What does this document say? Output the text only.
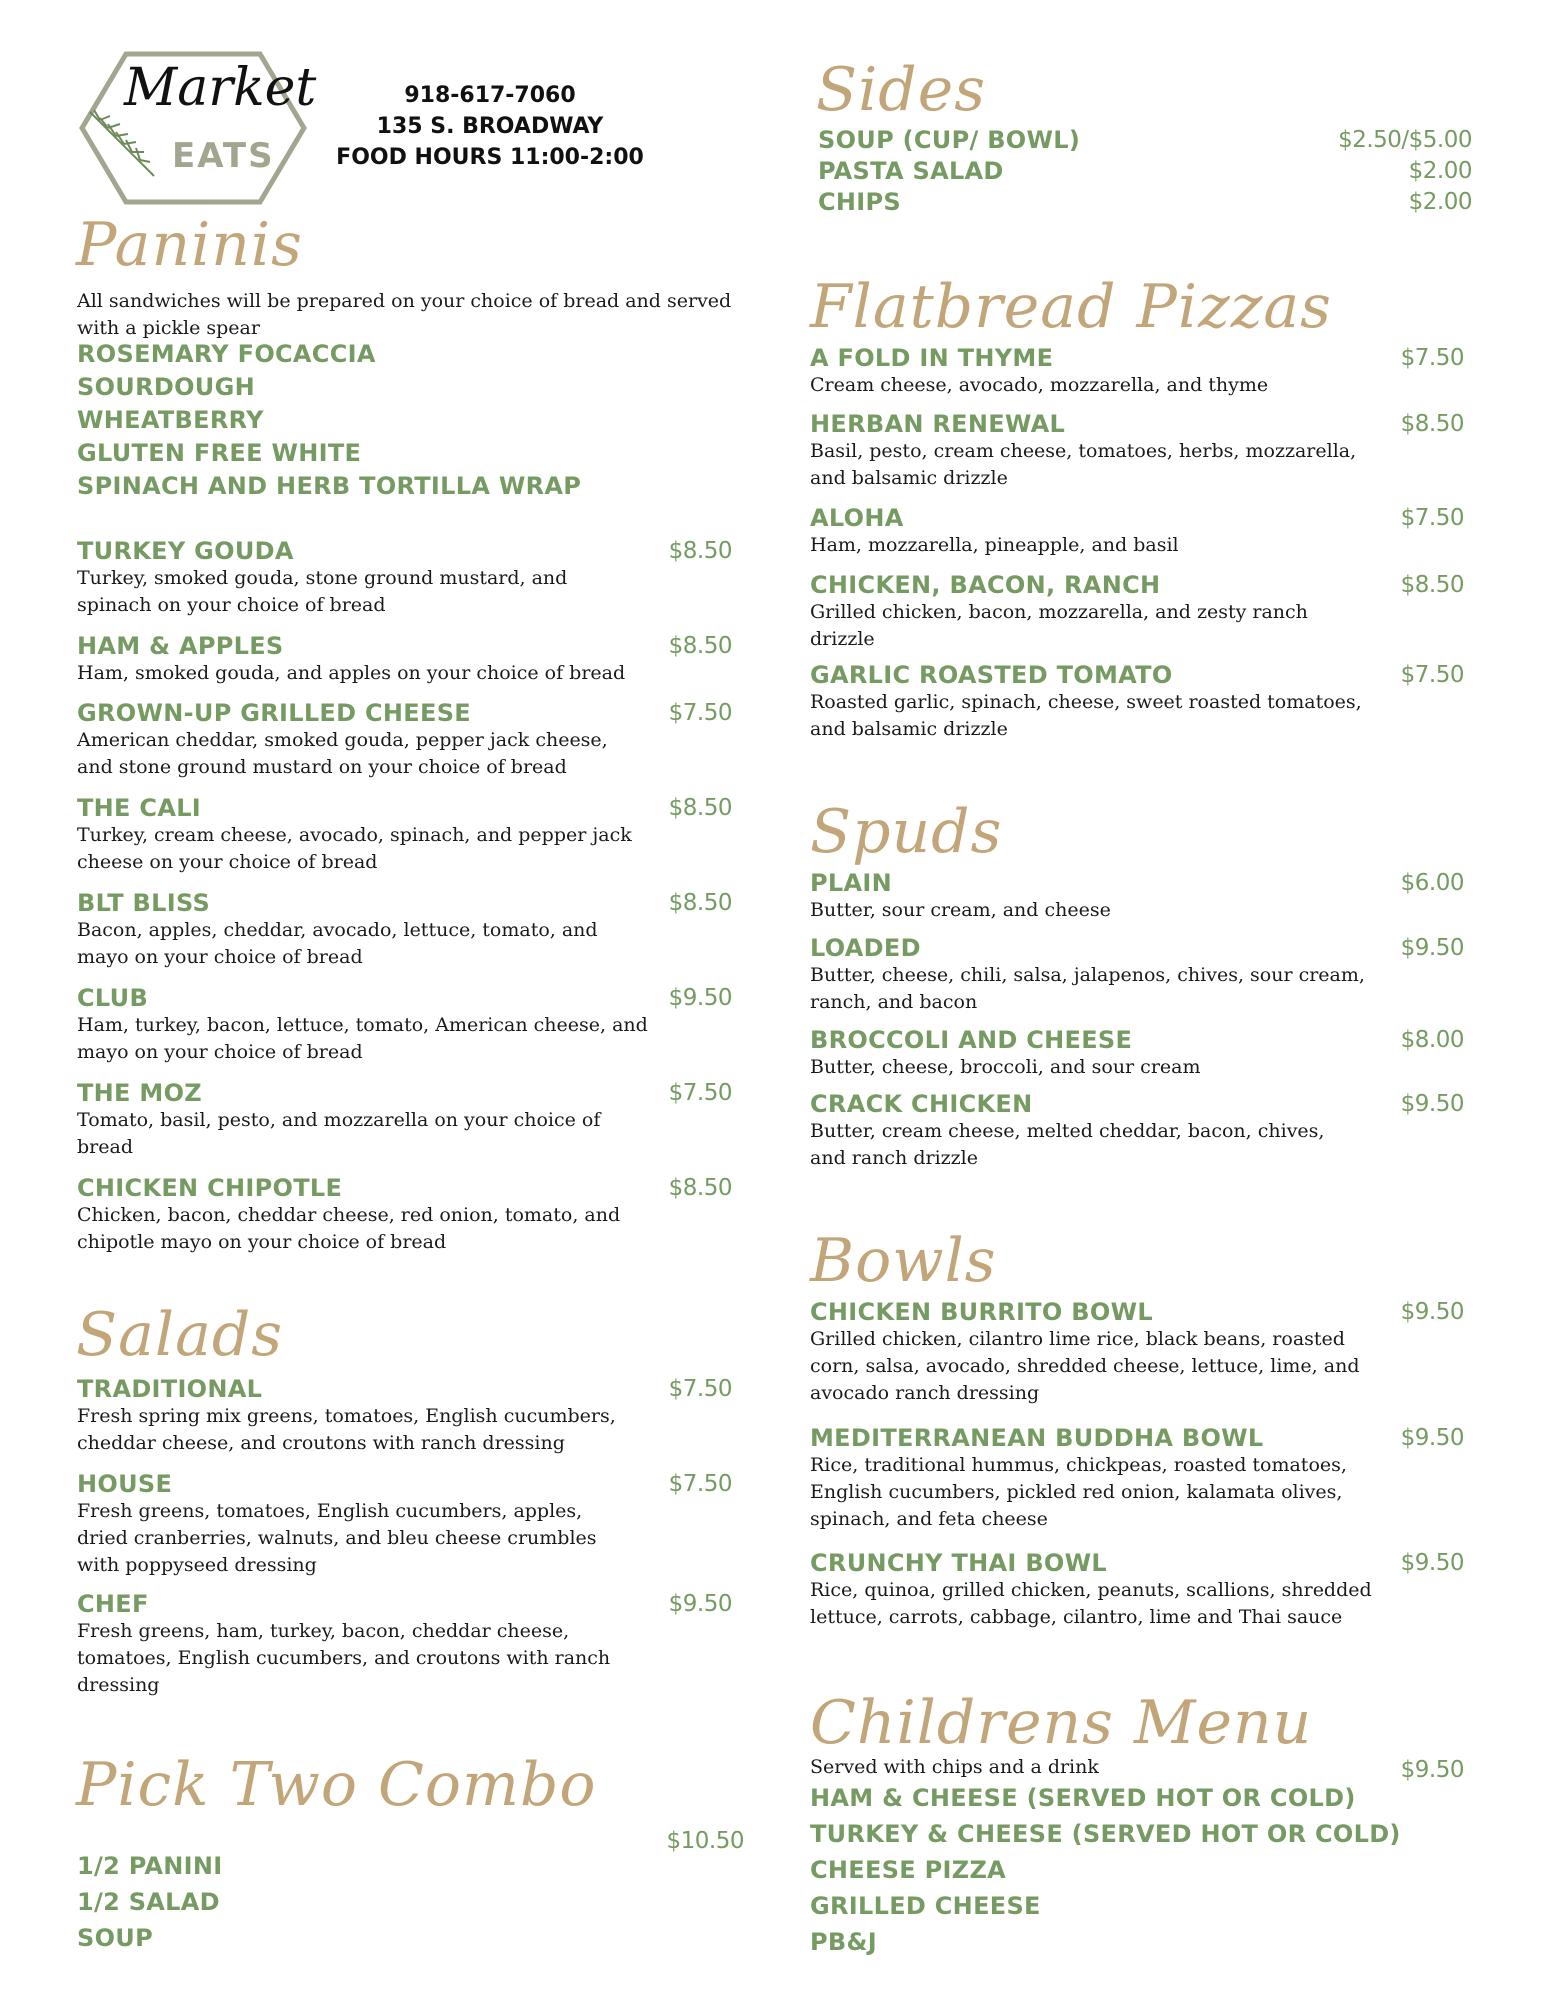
Market
EATS
918-617-7060
135 S. BROADWAY
FOOD HOURS 11:00-2:00
Paninis
All sandwiches will be prepared on your choice of bread and served with a pickle spear
ROSEMARY FOCACCIA
SOURDOUGH
WHEATBERRY
GLUTEN FREE WHITE
SPINACH AND HERB TORTILLA WRAP
TURKEY GOUDA	$8.50
Turkey, smoked gouda, stone ground mustard, and spinach on your choice of bread
HAM & APPLES	$8.50
Ham, smoked gouda, and apples on your choice of bread
GROWN-UP GRILLED CHEESE	$7.50
American cheddar, smoked gouda, pepper jack cheese, and stone ground mustard on your choice of bread
THE CALI	$8.50
Turkey, cream cheese, avocado, spinach, and pepper jack cheese on your choice of bread
BLT BLISS	$8.50
Bacon, apples, cheddar, avocado, lettuce, tomato, and mayo on your choice of bread
CLUB	$9.50
Ham, turkey, bacon, lettuce, tomato, American cheese, and mayo on your choice of bread
THE MOZ	$7.50
Tomato, basil, pesto, and mozzarella on your choice of bread
CHICKEN CHIPOTLE	$8.50
Chicken, bacon, cheddar cheese, red onion, tomato, and chipotle mayo on your choice of bread
Salads
TRADITIONAL	$7.50
Fresh spring mix greens, tomatoes, English cucumbers, cheddar cheese, and croutons with ranch dressing
HOUSE	$7.50
Fresh greens, tomatoes, English cucumbers, apples, dried cranberries, walnuts, and bleu cheese crumbles with poppyseed dressing
CHEF	$9.50
Fresh greens, ham, turkey, bacon, cheddar cheese, tomatoes, English cucumbers, and croutons with ranch dressing
Pick Two Combo
$10.50
1/2 PANINI
1/2 SALAD
SOUP
Sides
SOUP (CUP/ BOWL)	$2.50/$5.00
PASTA SALAD	$2.00
CHIPS	$2.00
Flatbread Pizzas
A FOLD IN THYME	$7.50
Cream cheese, avocado, mozzarella, and thyme
HERBAN RENEWAL	$8.50
Basil, pesto, cream cheese, tomatoes, herbs, mozzarella, and balsamic drizzle
ALOHA	$7.50
Ham, mozzarella, pineapple, and basil
CHICKEN, BACON, RANCH	$8.50
Grilled chicken, bacon, mozzarella, and zesty ranch drizzle
GARLIC ROASTED TOMATO	$7.50
Roasted garlic, spinach, cheese, sweet roasted tomatoes, and balsamic drizzle
Spuds
PLAIN	$6.00
Butter, sour cream, and cheese
LOADED	$9.50
Butter, cheese, chili, salsa, jalapenos, chives, sour cream, ranch, and bacon
BROCCOLI AND CHEESE	$8.00
Butter, cheese, broccoli, and sour cream
CRACK CHICKEN	$9.50
Butter, cream cheese, melted cheddar, bacon, chives, and ranch drizzle
Bowls
CHICKEN BURRITO BOWL	$9.50
Grilled chicken, cilantro lime rice, black beans, roasted corn, salsa, avocado, shredded cheese, lettuce, lime, and avocado ranch dressing
MEDITERRANEAN BUDDHA BOWL	$9.50
Rice, traditional hummus, chickpeas, roasted tomatoes, English cucumbers, pickled red onion, kalamata olives, spinach, and feta cheese
CRUNCHY THAI BOWL	$9.50
Rice, quinoa, grilled chicken, peanuts, scallions, shredded lettuce, carrots, cabbage, cilantro, lime and Thai sauce
Childrens Menu
Served with chips and a drink	$9.50
HAM & CHEESE (SERVED HOT OR COLD)
TURKEY & CHEESE (SERVED HOT OR COLD)
CHEESE PIZZA
GRILLED CHEESE
PB&J
